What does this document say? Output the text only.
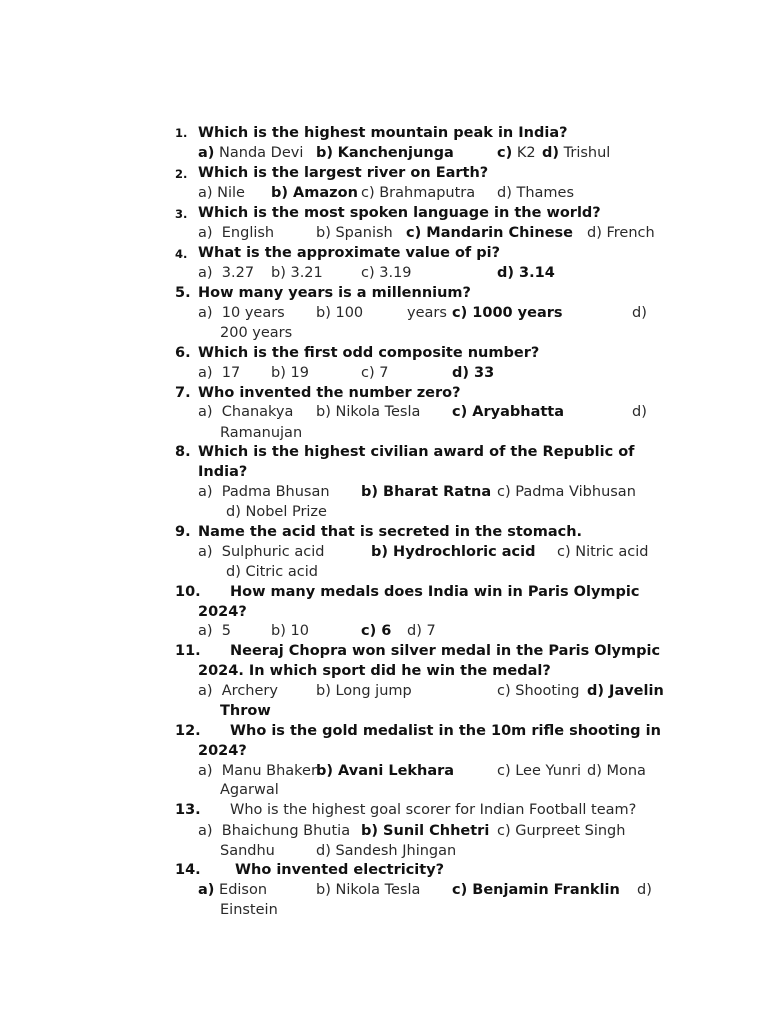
1. Which is the highest mountain peak in India?
a) Nanda Devi b) Kanchenjunga	c) K2 d) Trishul
2. Which is the largest river on Earth?
a) Nile b) Amazon c) Brahmaputra d) Thames
3. Which is the most spoken language in the world?
a) English	b) Spanish c) Mandarin Chinese d) French
4. What is the approximate value of pi?
a) 3.27 b) 3.21	c) 3.19	d) 3.14
5. How many years is a millennium?
a) 10 years b) 100	years c) 1000 years	d)
200 years
6. Which is the first odd composite number?
a) 17 b) 19	c) 7	d) 33
7. Who invented the number zero?
a) Chanakya b) Nikola Tesla c) Aryabhatta	d)
Ramanujan
8. Which is the highest civilian award of the Republic of
India?
a) Padma Bhusan b) Bharat Ratna c) Padma Vibhusan
d) Nobel Prize
9. Name the acid that is secreted in the stomach.
a) Sulphuric acid	b) Hydrochloric acid c) Nitric acid
d) Citric acid
10. How many medals does India win in Paris Olympic
2024?
a) 5	b) 10	c) 6 d) 7
11. Neeraj Chopra won silver medal in the Paris Olympic
2024. In which sport did he win the medal?
a) Archery	b) Long jump	c) Shooting d) Javelin
Throw
12. Who is the gold medalist in the 10m rifle shooting in
2024?
a) Manu Bhaker b) Avani Lekhara	c) Lee Yunri d) Mona
Agarwal
13. Who is the highest goal scorer for Indian Football team?
a) Bhaichung Bhutia b) Sunil Chhetri c) Gurpreet Singh
Sandhu	d) Sandesh Jhingan
14. Who invented electricity?
a) Edison	b) Nikola Tesla c) Benjamin Franklin d)
Einstein
